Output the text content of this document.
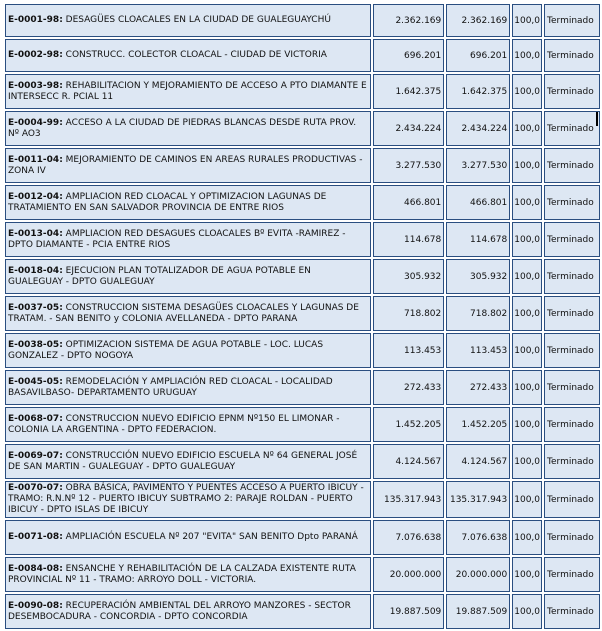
E-0001-98: DESAGÜES CLOACALES EN LA CIUDAD DE GUALEGUAYCHÚ	2.362.169	2.362.169	100,0	Terminado
E-0002-98: CONSTRUCC. COLECTOR CLOACAL - CIUDAD DE VICTORIA	696.201	696.201	100,0	Terminado
E-0003-98: REHABILITACION Y MEJORAMIENTO DE ACCESO A PTO DIAMANTE E INTERSECC R. PCIAL 11	1.642.375	1.642.375	100,0	Terminado
E-0004-99: ACCESO A LA CIUDAD DE PIEDRAS BLANCAS DESDE RUTA PROV. Nº AO3	2.434.224	2.434.224	100,0	Terminado
E-0011-04: MEJORAMIENTO DE CAMINOS EN AREAS RURALES PRODUCTIVAS -ZONA IV	3.277.530	3.277.530	100,0	Terminado
E-0012-04: AMPLIACION RED CLOACAL Y OPTIMIZACION LAGUNAS DE TRATAMIENTO EN SAN SALVADOR PROVINCIA DE ENTRE RIOS	466.801	466.801	100,0	Terminado
E-0013-04: AMPLIACION RED DESAGUES CLOACALES Bº EVITA -RAMIREZ - DPTO DIAMANTE - PCIA ENTRE RIOS	114.678	114.678	100,0	Terminado
E-0018-04: EJECUCION PLAN TOTALIZADOR DE AGUA POTABLE EN GUALEGUAY - DPTO GUALEGUAY	305.932	305.932	100,0	Terminado
E-0037-05: CONSTRUCCION SISTEMA DESAGÜES CLOACALES Y LAGUNAS DE TRATAM. - SAN BENITO y COLONIA AVELLANEDA - DPTO PARANA	718.802	718.802	100,0	Terminado
E-0038-05: OPTIMIZACION SISTEMA DE AGUA POTABLE - LOC. LUCAS GONZALEZ - DPTO NOGOYA	113.453	113.453	100,0	Terminado
E-0045-05: REMODELACIÓN Y AMPLIACIÓN RED CLOACAL - LOCALIDAD BASAVILBASO- DEPARTAMENTO URUGUAY	272.433	272.433	100,0	Terminado
E-0068-07: CONSTRUCCION NUEVO EDIFICIO EPNM Nº150 EL LIMONAR - COLONIA LA ARGENTINA - DPTO FEDERACION.	1.452.205	1.452.205	100,0	Terminado
E-0069-07: CONSTRUCCIÓN NUEVO EDIFICIO ESCUELA Nº 64 GENERAL JOSÉ DE SAN MARTIN - GUALEGUAY - DPTO GUALEGUAY	4.124.567	4.124.567	100,0	Terminado
E-0070-07: OBRA BÁSICA, PAVIMENTO Y PUENTES ACCESO A PUERTO IBICUY - TRAMO: R.N.Nº 12 - PUERTO IBICUY SUBTRAMO 2: PARAJE ROLDAN - PUERTO IBICUY - DPTO ISLAS DE IBICUY	135.317.943	135.317.943	100,0	Terminado
E-0071-08: AMPLIACIÓN ESCUELA Nº 207 "EVITA" SAN BENITO Dpto PARANÁ	7.076.638	7.076.638	100,0	Terminado
E-0084-08: ENSANCHE Y REHABILITACIÓN DE LA CALZADA EXISTENTE RUTA PROVINCIAL Nº 11 - TRAMO: ARROYO DOLL - VICTORIA.	20.000.000	20.000.000	100,0	Terminado
E-0090-08: RECUPERACIÓN AMBIENTAL DEL ARROYO MANZORES - SECTOR DESEMBOCADURA - CONCORDIA - DPTO CONCORDIA	19.887.509	19.887.509	100,0	Terminado
